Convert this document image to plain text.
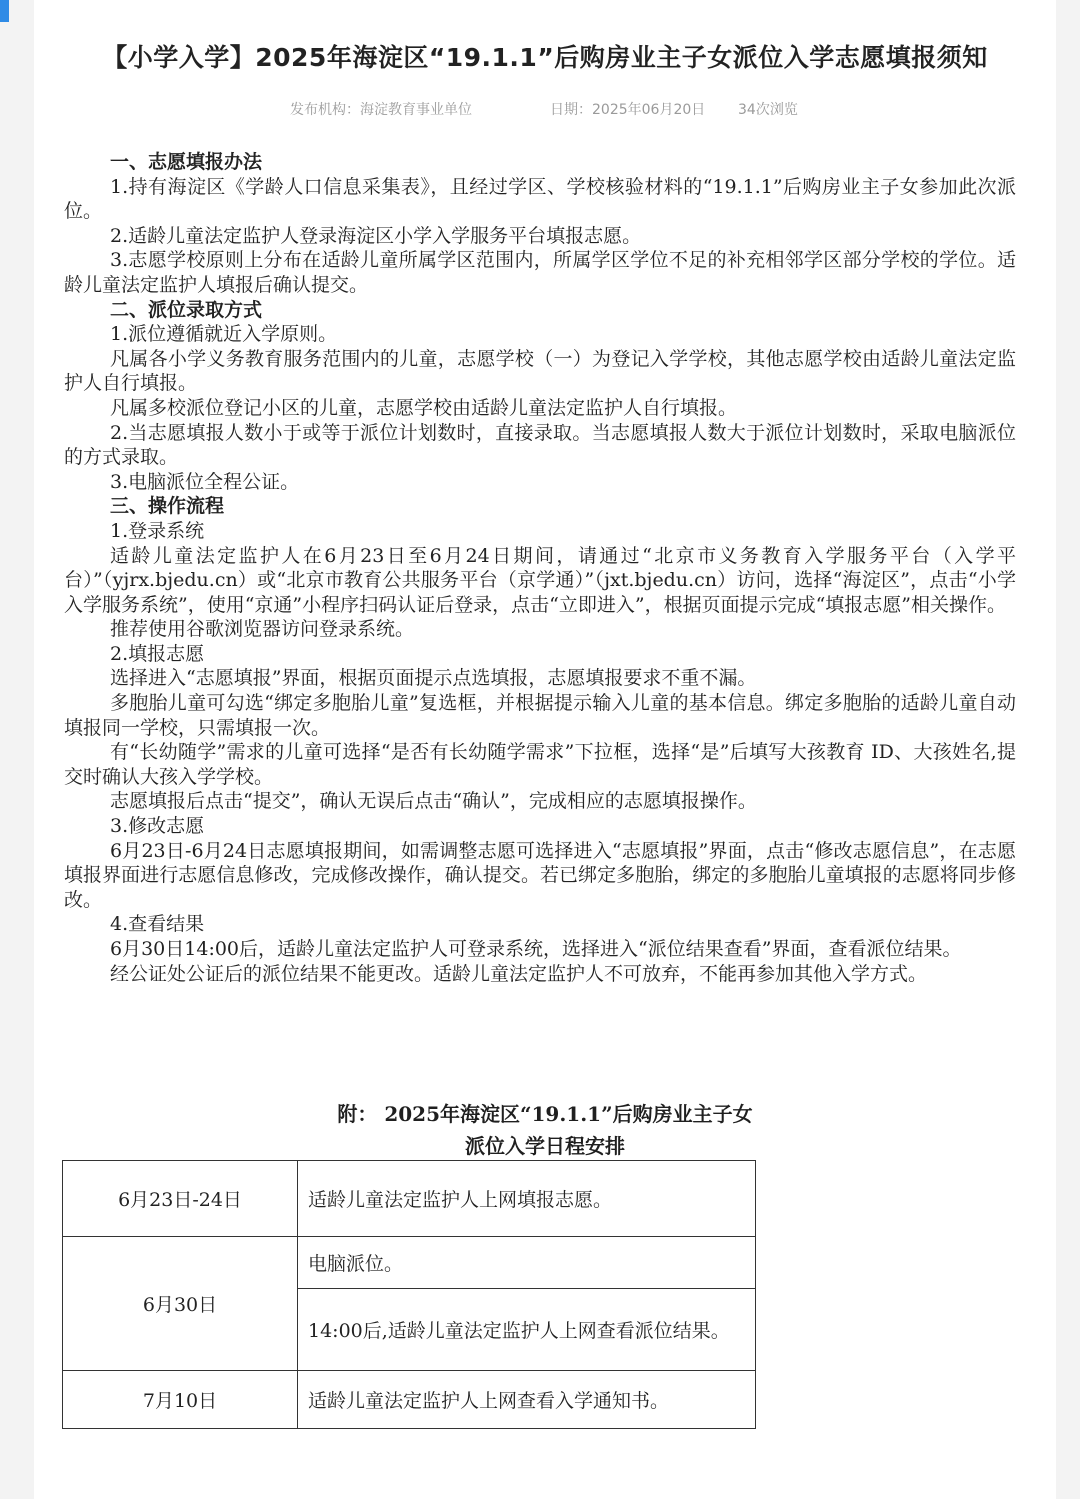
【小学入学】2025年海淀区“19.1.1”后购房业主子女派位入学志愿填报须知
发布机构：海淀教育事业单位	日期：2025年06月20日 34次浏览

一、志愿填报办法

1.持有海淀区《学龄人口信息采集表》，且经过学区、学校核验材料的“19.1.1”后购房业主子女参加此次派位。

2.适龄儿童法定监护人登录海淀区小学入学服务平台填报志愿。

3.志愿学校原则上分布在适龄儿童所属学区范围内，所属学区学位不足的补充相邻学区部分学校的学位。适龄儿童法定监护人填报后确认提交。

二、派位录取方式

1.派位遵循就近入学原则。

凡属各小学义务教育服务范围内的儿童，志愿学校（一）为登记入学学校，其他志愿学校由适龄儿童法定监护人自行填报。

凡属多校派位登记小区的儿童，志愿学校由适龄儿童法定监护人自行填报。

2.当志愿填报人数小于或等于派位计划数时，直接录取。当志愿填报人数大于派位计划数时，采取电脑派位的方式录取。

3.电脑派位全程公证。

三、操作流程

1.登录系统

适龄儿童法定监护人在6月23日至6月24日期间，请通过“北京市义务教育入学服务平台（入学平台）”（yjrx.bjedu.cn）或“北京市教育公共服务平台（京学通）”（jxt.bjedu.cn）访问，选择“海淀区”，点击“小学入学服务系统”，使用“京通”小程序扫码认证后登录，点击“立即进入”，根据页面提示完成“填报志愿”相关操作。

推荐使用谷歌浏览器访问登录系统。

2.填报志愿

选择进入“志愿填报”界面，根据页面提示点选填报，志愿填报要求不重不漏。

多胞胎儿童可勾选“绑定多胞胎儿童”复选框，并根据提示输入儿童的基本信息。绑定多胞胎的适龄儿童自动填报同一学校，只需填报一次。

有“长幼随学”需求的儿童可选择“是否有长幼随学需求”下拉框，选择“是”后填写大孩教育 ID、大孩姓名,提交时确认大孩入学学校。

志愿填报后点击“提交”，确认无误后点击“确认”，完成相应的志愿填报操作。

3.修改志愿

6月23日-6月24日志愿填报期间，如需调整志愿可选择进入“志愿填报”界面，点击“修改志愿信息”，在志愿填报界面进行志愿信息修改，完成修改操作，确认提交。若已绑定多胞胎，绑定的多胞胎儿童填报的志愿将同步修改。

4.查看结果

6月30日14:00后，适龄儿童法定监护人可登录系统，选择进入“派位结果查看”界面，查看派位结果。

经公证处公证后的派位结果不能更改。适龄儿童法定监护人不可放弃，不能再参加其他入学方式。

附： 2025年海淀区“19.1.1”后购房业主子女
派位入学日程安排
6月23日-24日	适龄儿童法定监护人上网填报志愿。
6月30日	电脑派位。
	14:00后,适龄儿童法定监护人上网查看派位结果。
7月10日	适龄儿童法定监护人上网查看入学通知书。
